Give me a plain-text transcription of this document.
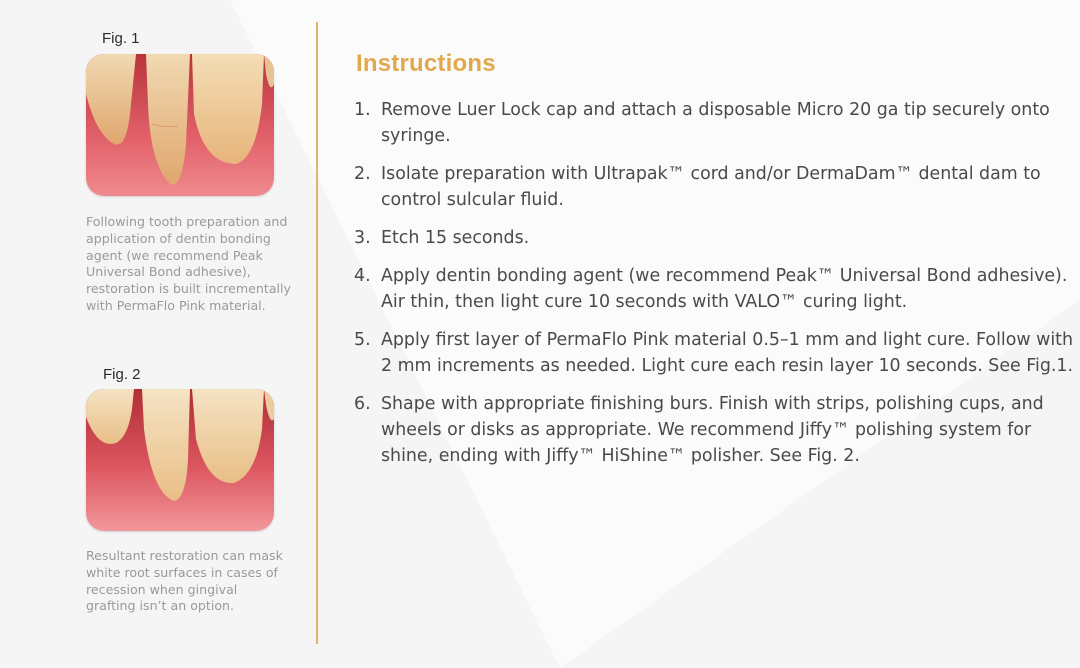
Fig. 1
Following tooth preparation and application of dentin bonding agent (we recommend Peak Universal Bond adhesive), restoration is built incrementally with PermaFlo Pink material.
Fig. 2
Resultant restoration can mask white root surfaces in cases of recession when gingival grafting isn’t an option.
Instructions
1. Remove Luer Lock cap and attach a disposable Micro 20 ga tip securely onto syringe.
2. Isolate preparation with Ultrapak™ cord and/or DermaDam™ dental dam to control sulcular fluid.
3. Etch 15 seconds.
4. Apply dentin bonding agent (we recommend Peak™ Universal Bond adhesive). Air thin, then light cure 10 seconds with VALO™ curing light.
5. Apply first layer of PermaFlo Pink material 0.5–1 mm and light cure. Follow with 2 mm increments as needed. Light cure each resin layer 10 seconds. See Fig.1.
6. Shape with appropriate finishing burs. Finish with strips, polishing cups, and wheels or disks as appropriate. We recommend Jiffy™ polishing system for shine, ending with Jiffy™ HiShine™ polisher. See Fig. 2.
